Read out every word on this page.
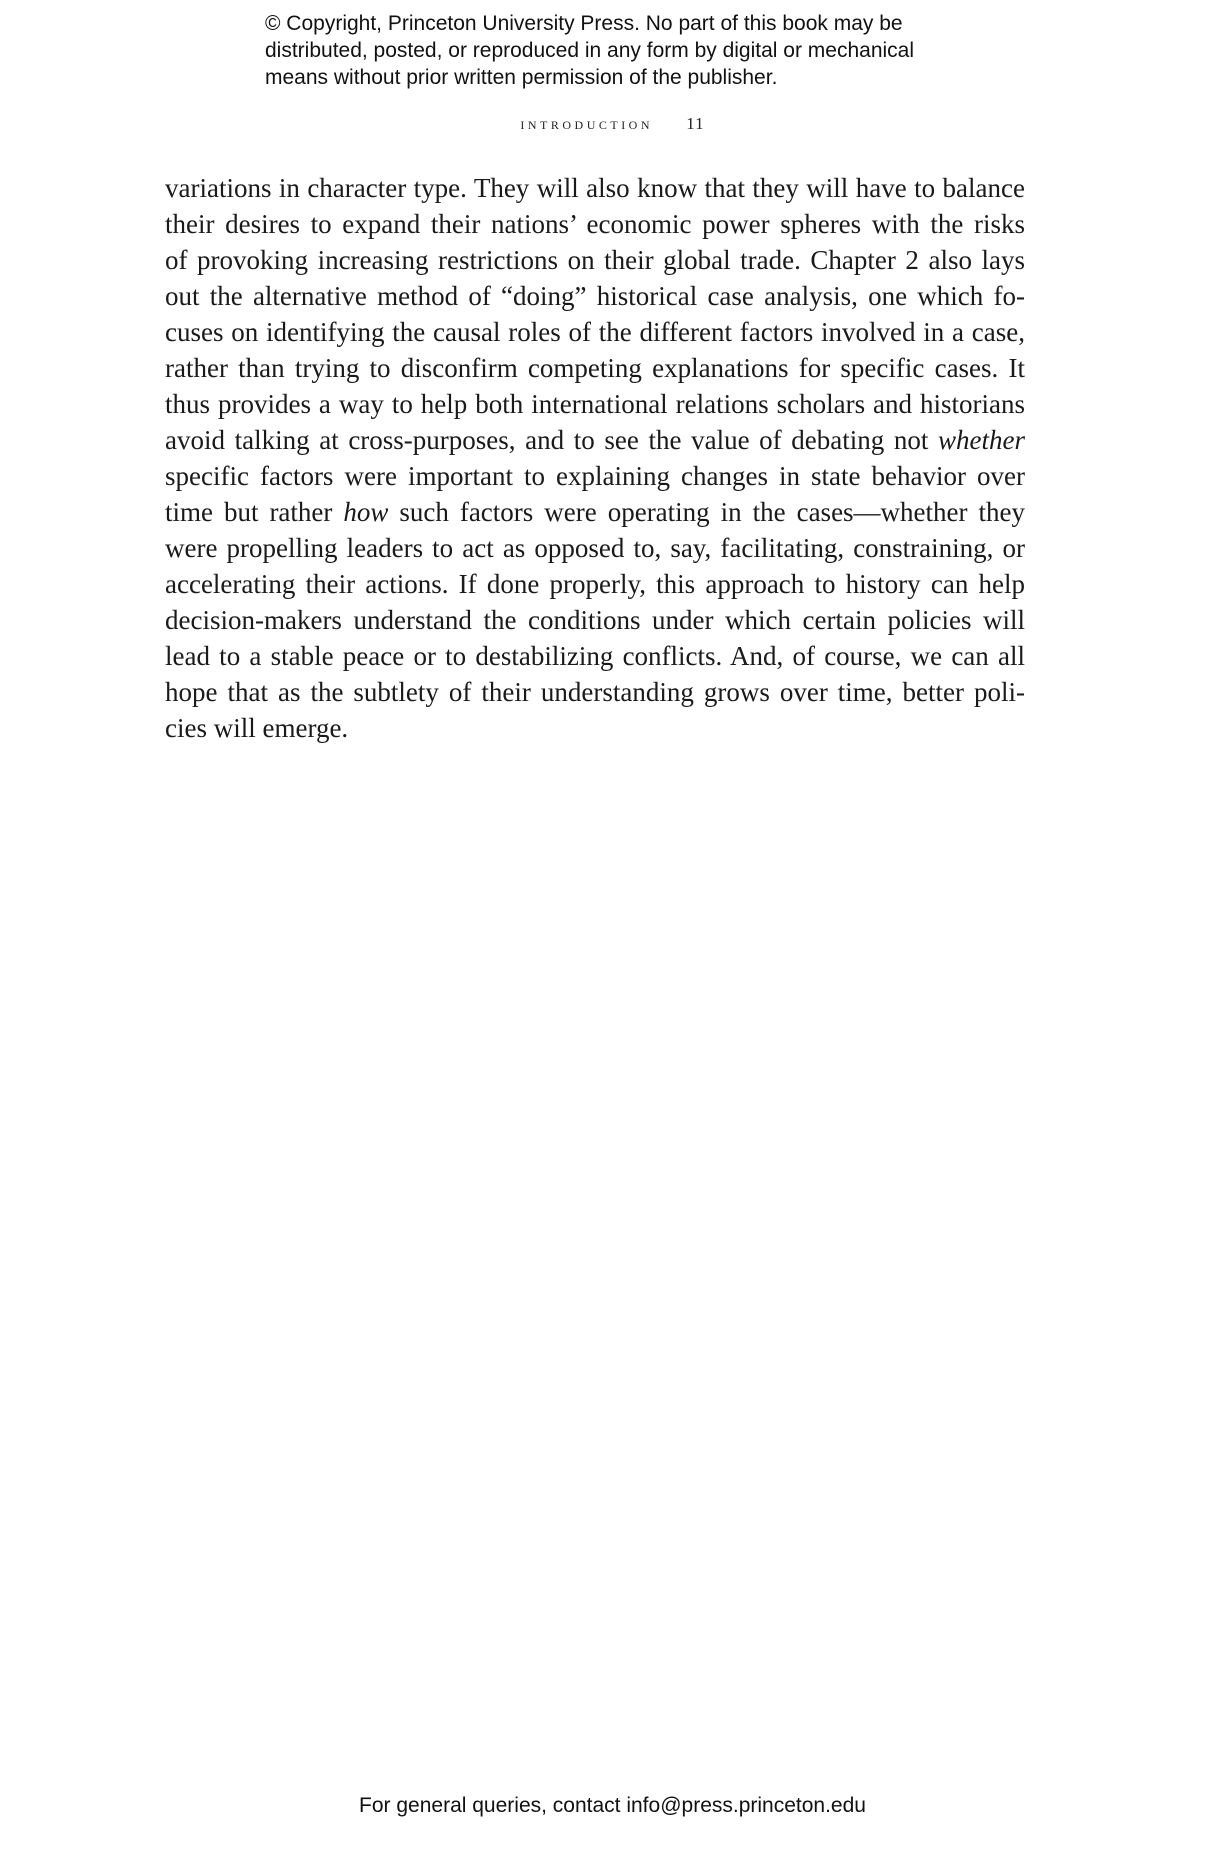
© Copyright, Princeton University Press. No part of this book may be
distributed, posted, or reproduced in any form by digital or mechanical
means without prior written permission of the publisher.
introduction 11
variations in character type. They will also know that they will have to balance
their desires to expand their nations’ economic power spheres with the risks
of provoking increasing restrictions on their global trade. Chapter 2 also lays
out the alternative method of “doing” historical case analysis, one which fo-
cuses on identifying the causal roles of the different factors involved in a case,
rather than trying to disconfirm competing explanations for specific cases. It
thus provides a way to help both international relations scholars and historians
avoid talking at cross-purposes, and to see the value of debating not whether
specific factors were important to explaining changes in state behavior over
time but rather how such factors were operating in the cases—whether they
were propelling leaders to act as opposed to, say, facilitating, constraining, or
accelerating their actions. If done properly, this approach to history can help
decision-makers understand the conditions under which certain policies will
lead to a stable peace or to destabilizing conflicts. And, of course, we can all
hope that as the subtlety of their understanding grows over time, better poli-
cies will emerge.
For general queries, contact info@press.princeton.edu
